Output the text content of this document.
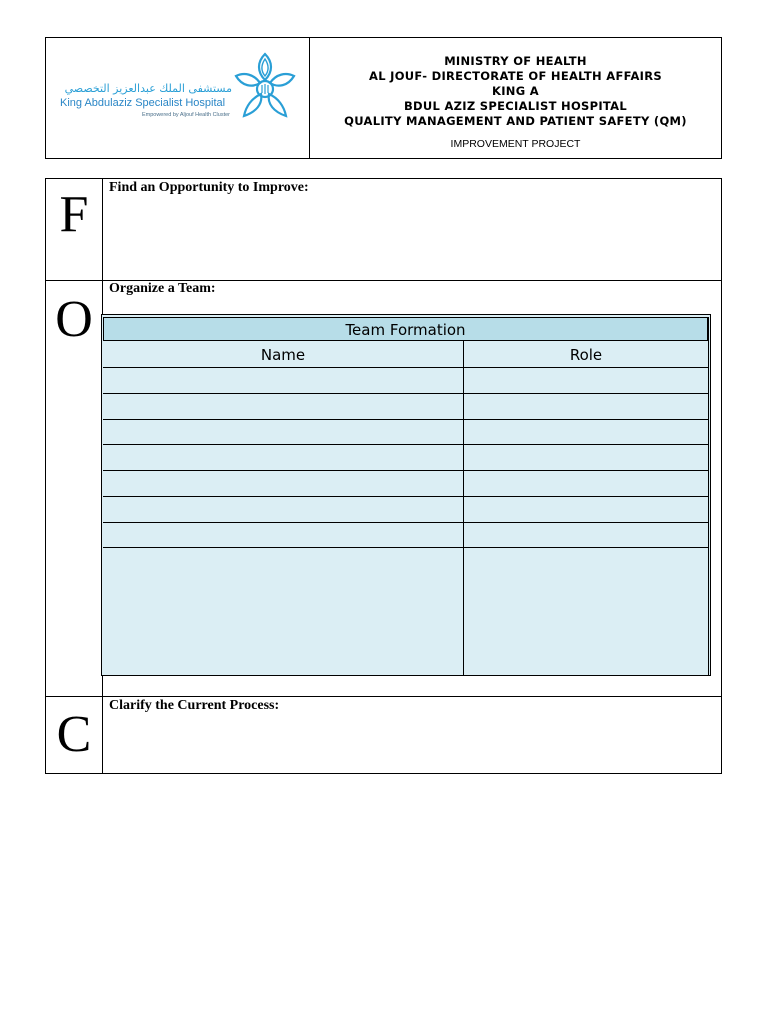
مستشفى الملك عبدالعزيز التخصصي
King Abdulaziz Specialist Hospital
Empowered by Aljouf Health Cluster
MINISTRY OF HEALTH
AL JOUF- DIRECTORATE OF HEALTH AFFAIRS
KING A
BDUL AZIZ SPECIALIST HOSPITAL
QUALITY MANAGEMENT AND PATIENT SAFETY (QM)
IMPROVEMENT PROJECT
F	Find an Opportunity to Improve:
O
Organize a Team:
Team Formation
Name	Role
C
Clarify the Current Process:
